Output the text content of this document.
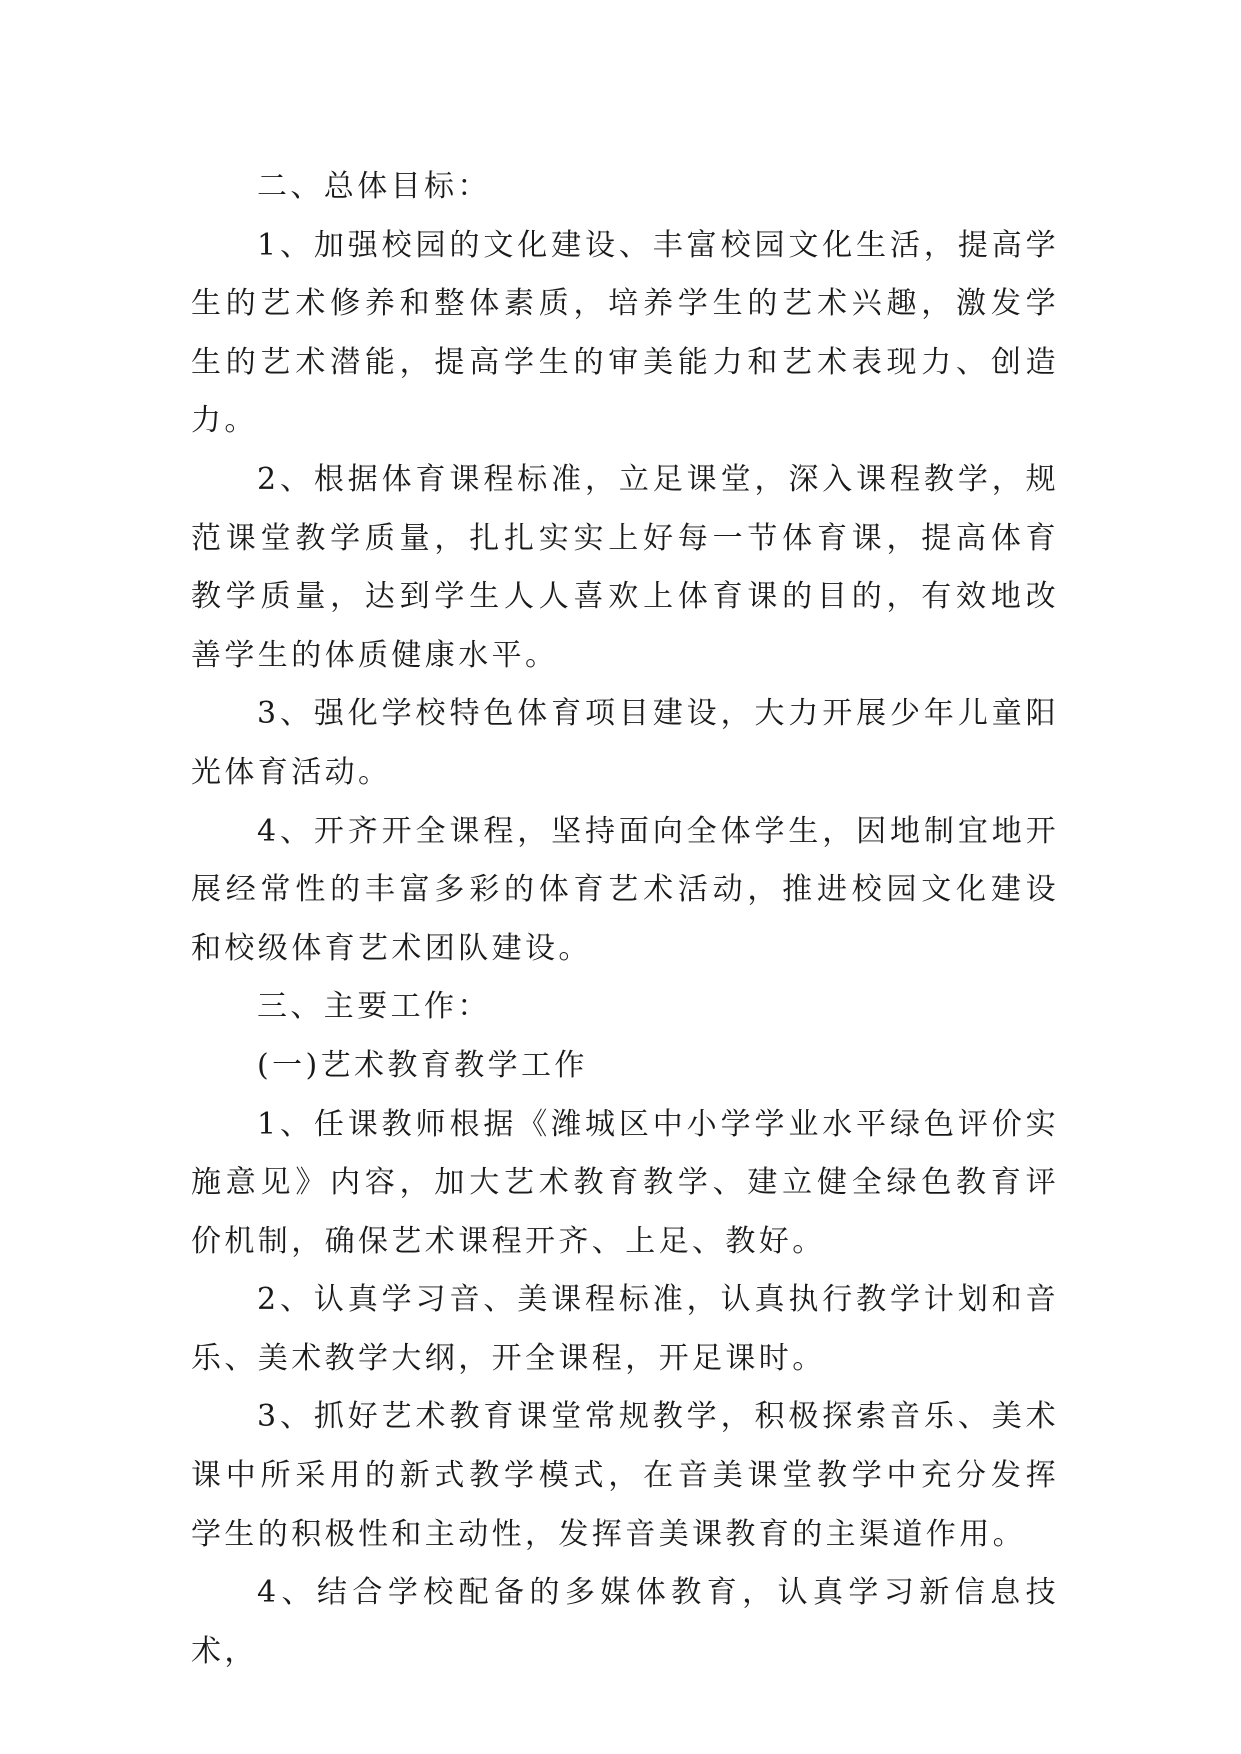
二、总体目标：

1、加强校园的文化建设、丰富校园文化生活，提高学生的艺术修养和整体素质，培养学生的艺术兴趣，激发学生的艺术潜能，提高学生的审美能力和艺术表现力、创造力。

2、根据体育课程标准，立足课堂，深入课程教学，规范课堂教学质量，扎扎实实上好每一节体育课，提高体育教学质量，达到学生人人喜欢上体育课的目的，有效地改善学生的体质健康水平。

3、强化学校特色体育项目建设，大力开展少年儿童阳光体育活动。

4、开齐开全课程，坚持面向全体学生，因地制宜地开展经常性的丰富多彩的体育艺术活动，推进校园文化建设和校级体育艺术团队建设。

三、主要工作：

(一)艺术教育教学工作

1、任课教师根据《潍城区中小学学业水平绿色评价实施意见》内容，加大艺术教育教学、建立健全绿色教育评价机制，确保艺术课程开齐、上足、教好。

2、认真学习音、美课程标准，认真执行教学计划和音乐、美术教学大纲，开全课程，开足课时。

3、抓好艺术教育课堂常规教学，积极探索音乐、美术课中所采用的新式教学模式，在音美课堂教学中充分发挥学生的积极性和主动性，发挥音美课教育的主渠道作用。

4、结合学校配备的多媒体教育，认真学习新信息技术，
